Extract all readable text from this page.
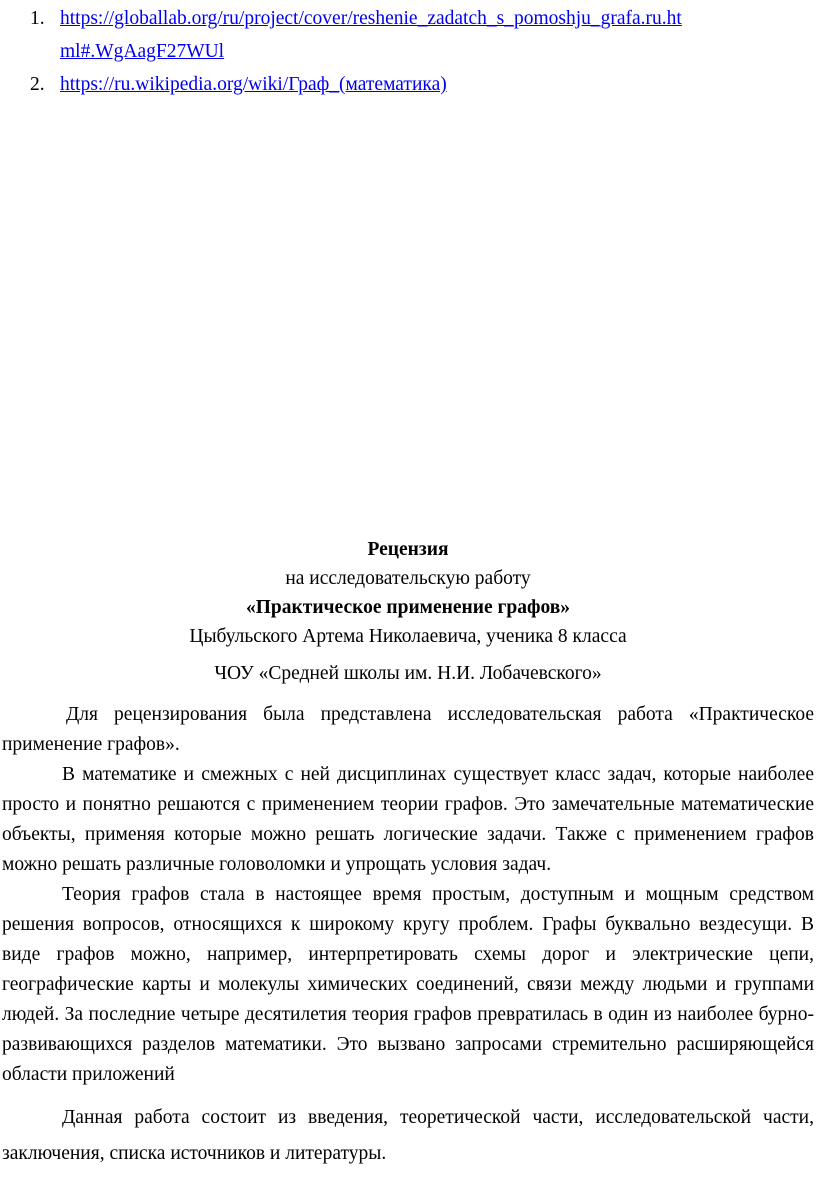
1. https://globallab.org/ru/project/cover/reshenie_zadatch_s_pomoshju_grafa.ru.ht
ml#.WgAagF27WUl
2. https://ru.wikipedia.org/wiki/Граф_(математика)
Рецензия
на исследовательскую работу
«Практическое применение графов»
Цыбульского Артема Николаевича, ученика 8 класса
ЧОУ «Средней школы им. Н.И. Лобачевского»

Для рецензирования была представлена исследовательская работа «Практическое применение графов».

В математике и смежных с ней дисциплинах существует класс задач, которые наиболее просто и понятно решаются с применением теории графов. Это замечательные математические объекты, применяя которые можно решать логические задачи. Также с применением графов можно решать различные головоломки и упрощать условия задач.

Теория графов стала в настоящее время простым, доступным и мощным средством решения вопросов, относящихся к широкому кругу проблем. Графы буквально вездесущи. В виде графов можно, например, интерпретировать схемы дорог и электрические цепи, географические карты и молекулы химических соединений, связи между людьми и группами людей. За последние четыре десятилетия теория графов превратилась в один из наиболее бурно-развивающихся разделов математики. Это вызвано запросами стремительно расширяющейся области приложений

Данная работа состоит из введения, теоретической части, исследовательской части, заключения, списка источников и литературы.
